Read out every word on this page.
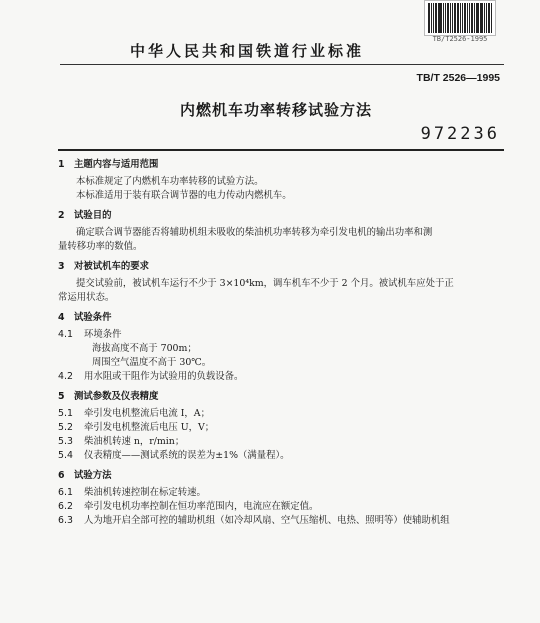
TB/T2526-1995
中华人民共和国铁道行业标准
TB/T 2526—1995
内燃机车功率转移试验方法
972236
1 主题内容与适用范围
本标准规定了内燃机车功率转移的试验方法。
本标准适用于装有联合调节器的电力传动内燃机车。
2 试验目的
确定联合调节器能否将辅助机组未吸收的柴油机功率转移为牵引发电机的输出功率和测
量转移功率的数值。
3 对被试机车的要求
提交试验前，被试机车运行不少于 3×10⁴km，调车机车不少于 2 个月。被试机车应处于正
常运用状态。
4 试验条件
4.1 环境条件
海拔高度不高于 700m；
周围空气温度不高于 30℃。
4.2 用水阻或干阻作为试验用的负载设备。
5 测试参数及仪表精度
5.1 牵引发电机整流后电流 I，A；
5.2 牵引发电机整流后电压 U，V；
5.3 柴油机转速 n，r/min；
5.4 仪表精度——测试系统的误差为±1%（满量程）。
6 试验方法
6.1 柴油机转速控制在标定转速。
6.2 牵引发电机功率控制在恒功率范围内，电流应在额定值。
6.3 人为地开启全部可控的辅助机组（如冷却风扇、空气压缩机、电热、照明等）使辅助机组
